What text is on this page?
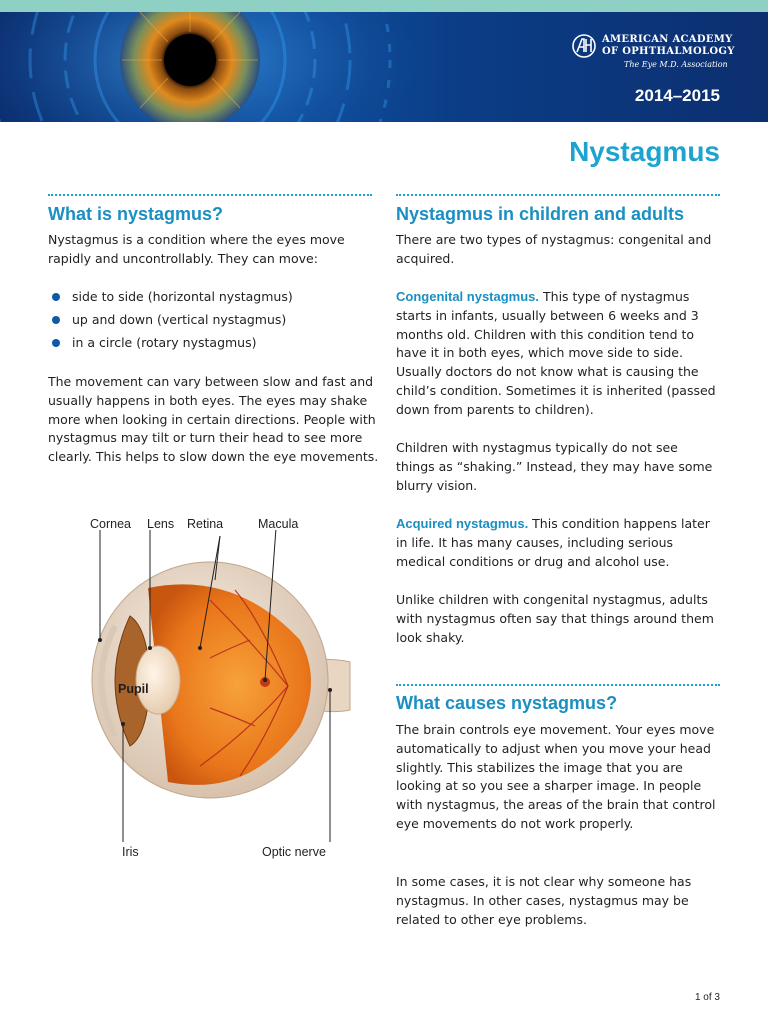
AMERICAN ACADEMY
OF OPHTHALMOLOGY
The Eye M.D. Association
2014–2015
Nystagmus
What is nystagmus?

Nystagmus is a condition where the eyes move rapidly and uncontrollably. They can move:

side to side (horizontal nystagmus)
up and down (vertical nystagmus)
in a circle (rotary nystagmus)

The movement can vary between slow and fast and usually happens in both eyes. The eyes may shake more when looking in certain directions. People with nystagmus may tilt or turn their head to see more clearly. This helps to slow down the eye movements.

Cornea Lens Retina	Macula
Pupil
Iris	Optic nerve
Nystagmus in children and adults

There are two types of nystagmus: congenital and acquired.

Congenital nystagmus. This type of nystagmus starts in infants, usually between 6 weeks and 3 months old. Children with this condition tend to have it in both eyes, which move side to side. Usually doctors do not know what is causing the child’s condition. Sometimes it is inherited (passed down from parents to children).

Children with nystagmus typically do not see things as “shaking.” Instead, they may have some blurry vision.

Acquired nystagmus. This condition happens later in life. It has many causes, including serious medical conditions or drug and alcohol use.

Unlike children with congenital nystagmus, adults with nystagmus often say that things around them look shaky.

What causes nystagmus?

The brain controls eye movement. Your eyes move automatically to adjust when you move your head slightly. This stabilizes the image that you are looking at so you see a sharper image. In people with nystagmus, the areas of the brain that control eye movements do not work properly.

In some cases, it is not clear why someone has nystagmus. In other cases, nystagmus may be related to other eye problems.

1 of 3
